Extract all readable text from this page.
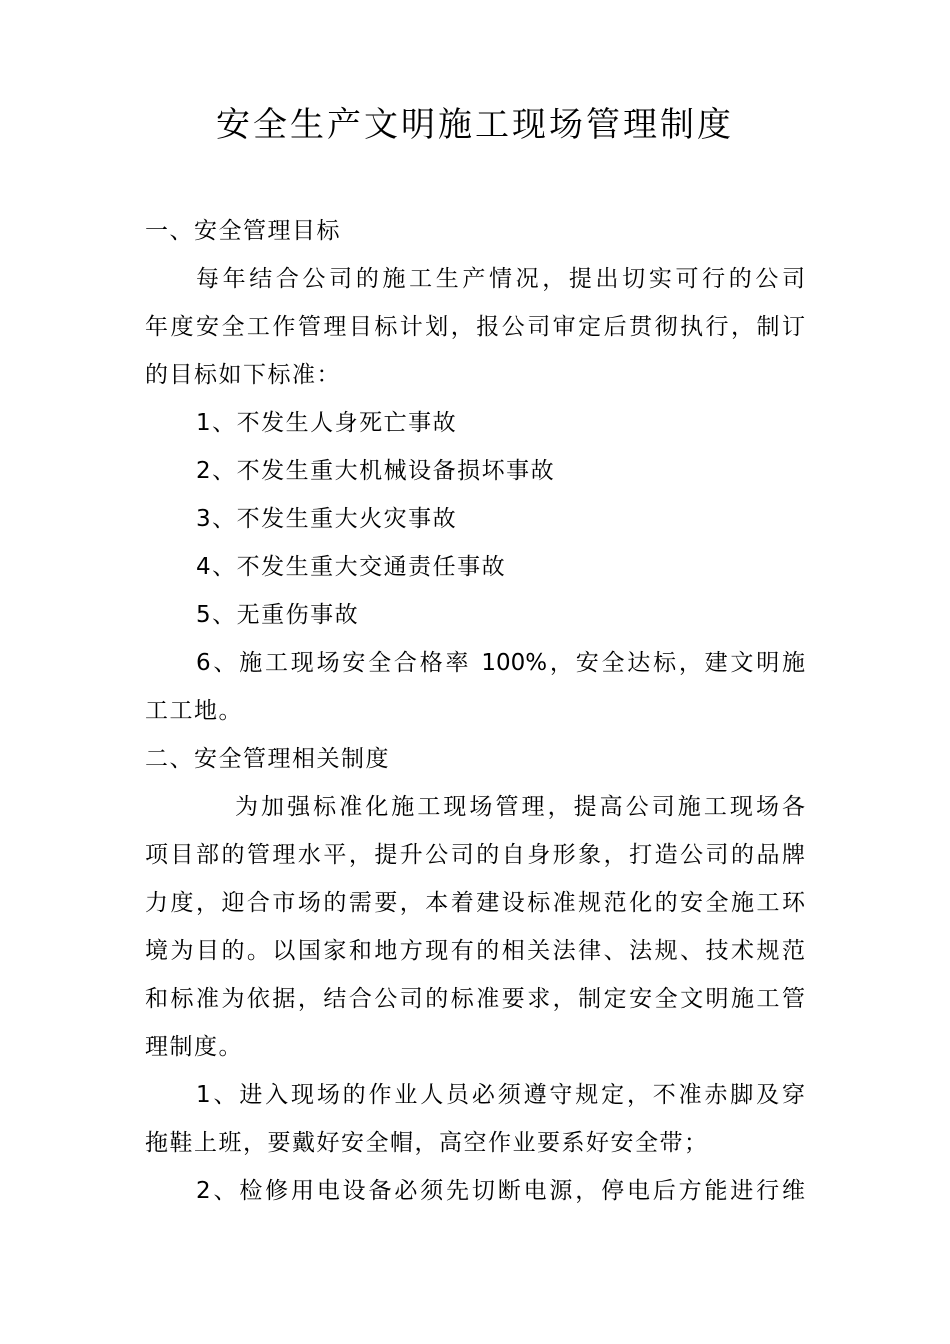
安全生产文明施工现场管理制度
一、安全管理目标
每年结合公司的施工生产情况，提出切实可行的公司
年度安全工作管理目标计划，报公司审定后贯彻执行，制订
的目标如下标准：
1、不发生人身死亡事故
2、不发生重大机械设备损坏事故
3、不发生重大火灾事故
4、不发生重大交通责任事故
5、无重伤事故
6、施工现场安全合格率 100%，安全达标，建文明施
工工地。
二、安全管理相关制度
为加强标准化施工现场管理，提高公司施工现场各
项目部的管理水平，提升公司的自身形象，打造公司的品牌
力度，迎合市场的需要，本着建设标准规范化的安全施工环
境为目的。以国家和地方现有的相关法律、法规、技术规范
和标准为依据，结合公司的标准要求，制定安全文明施工管
理制度。
1、进入现场的作业人员必须遵守规定，不准赤脚及穿
拖鞋上班，要戴好安全帽，高空作业要系好安全带；
2、检修用电设备必须先切断电源，停电后方能进行维
